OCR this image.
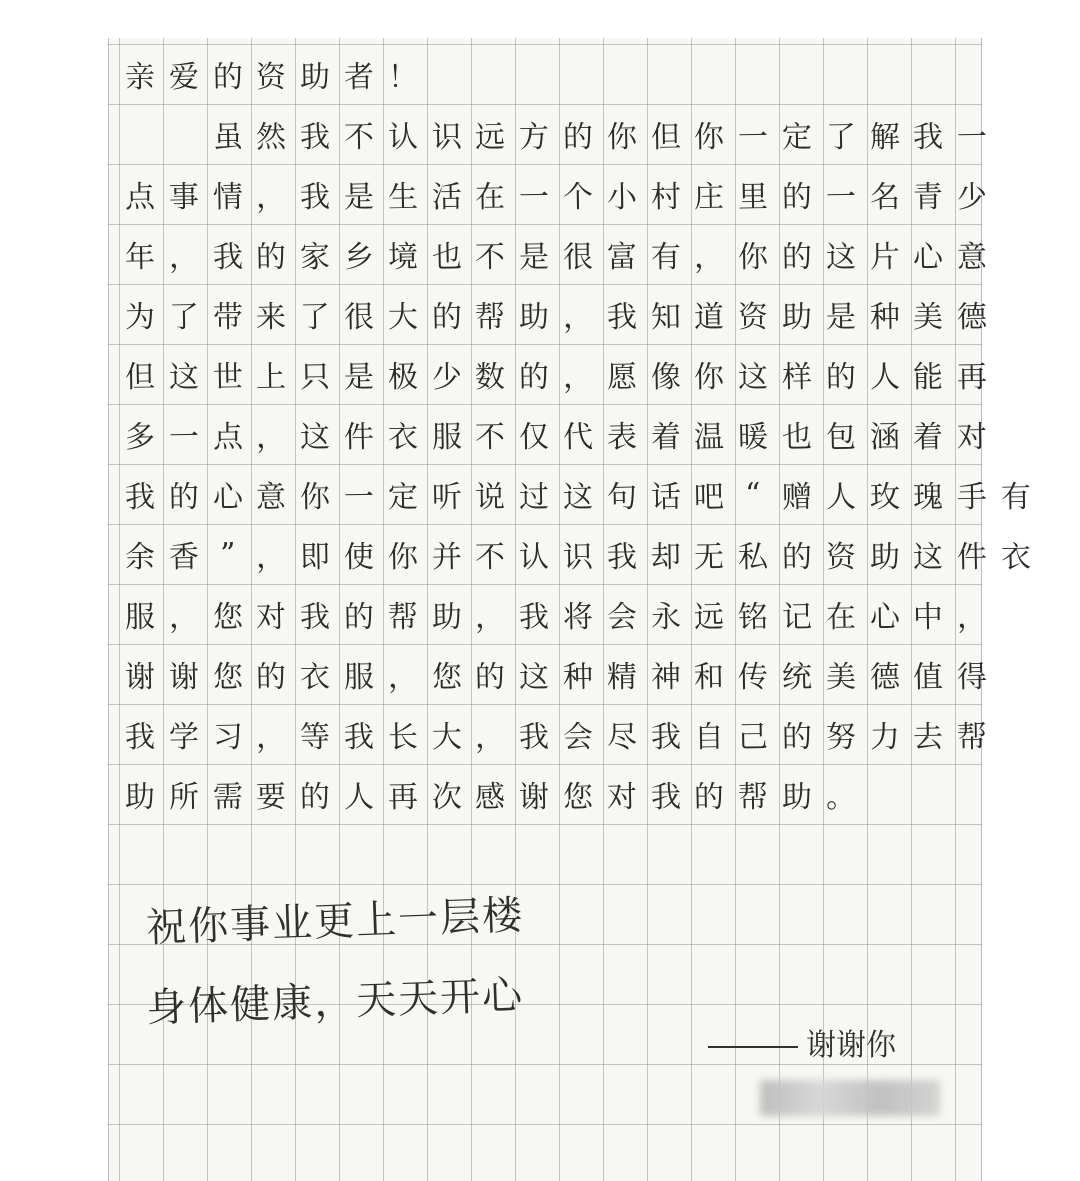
亲 爱 的 资 助 者 ！

虽 然 我 不 认 识 远 方 的 你 但 你 一 定 了 解 我 一
点 事 情 ， 我 是 生 活 在 一 个 小 村 庄 里 的 一 名 青 少
年 ， 我 的 家 乡 境 也 不 是 很 富 有 ， 你 的 这 片 心 意
为 了 带 来 了 很 大 的 帮 助 ， 我 知 道 资 助 是 种 美 德
但 这 世 上 只 是 极 少 数 的 ， 愿 像 你 这 样 的 人 能 再
多 一 点 ， 这 件 衣 服 不 仅 代 表 着 温 暖 也 包 涵 着 对
我 的 心 意 你 一 定 听 说 过 这 句 话 吧 “ 赠 人 玫 瑰 手 有
余 香 ” ， 即 使 你 并 不 认 识 我 却 无 私 的 资 助 这 件 衣
服 ， 您 对 我 的 帮 助 ， 我 将 会 永 远 铭 记 在 心 中 ，
谢 谢 您 的 衣 服 ， 您 的 这 种 精 神 和 传 统 美 德 值 得
我 学 习 ， 等 我 长 大 ， 我 会 尽 我 自 己 的 努 力 去 帮
助 所 需 要 的 人 再 次 感 谢 您 对 我 的 帮 助 。
祝你事业更上一层楼
身体健康，天天开心
谢谢你
